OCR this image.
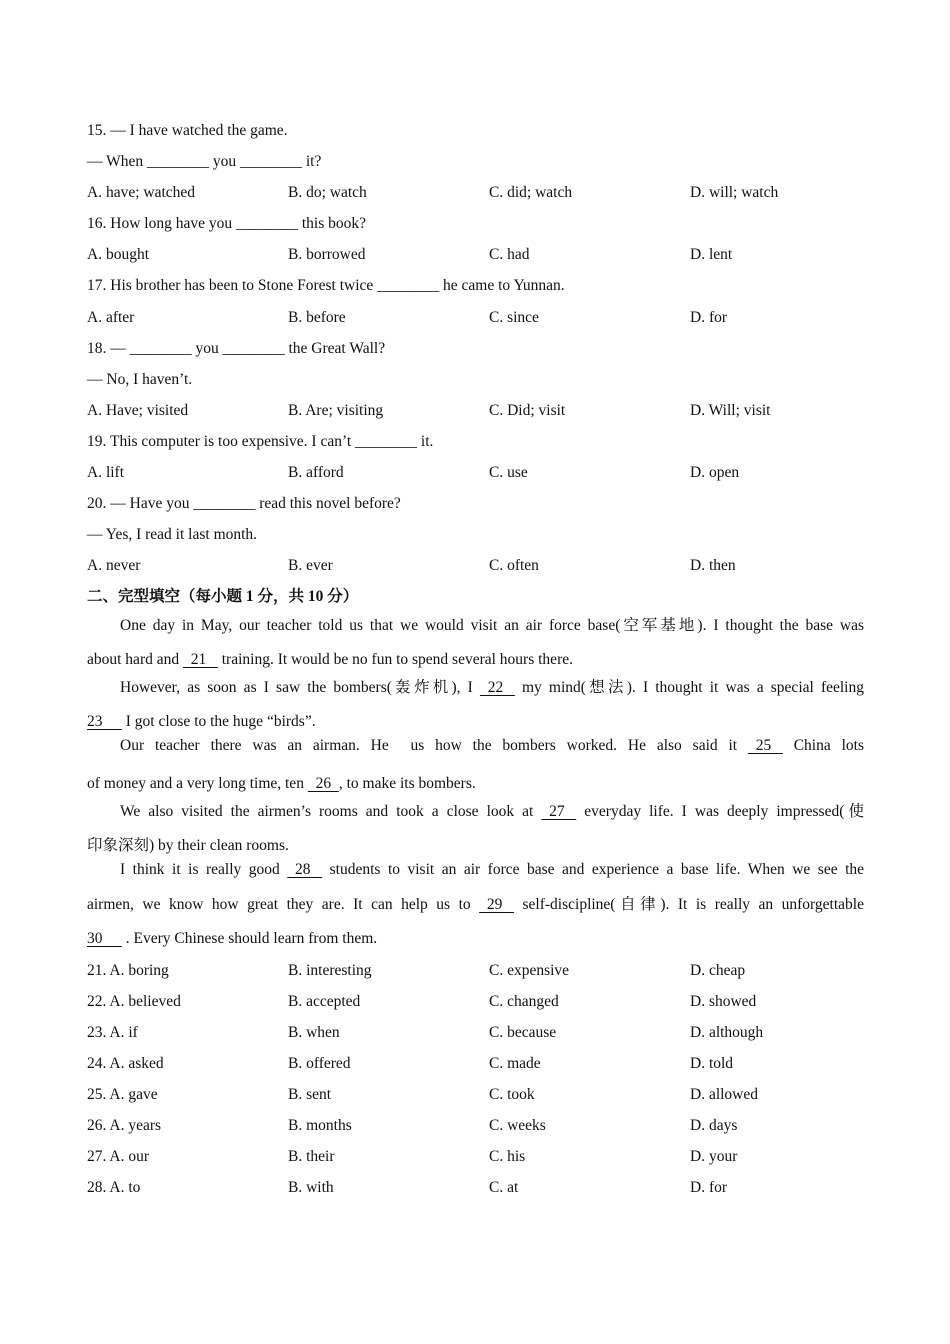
15. — I have watched the game.
— When ________ you ________ it?
A. have; watched	B. do; watch	C. did; watch	D. will; watch
16. How long have you ________ this book?
A. bought	B. borrowed	C. had	D. lent
17. His brother has been to Stone Forest twice ________ he came to Yunnan.
A. after	B. before	C. since	D. for
18. — ________ you ________ the Great Wall?
— No, I haven’t.
A. Have; visited	B. Are; visiting	C. Did; visit	D. Will; visit
19. This computer is too expensive. I can’t ________ it.
A. lift	B. afford	C. use	D. open
20. — Have you ________ read this novel before?
— Yes, I read it last month.
A. never	B. ever	C. often	D. then
二、完型填空（每小题 1 分，共 10 分）
One day in May, our teacher told us that we would visit an air force base(空军基地). I thought the base was
about hard and   21    training. It would be no fun to spend several hours there.
However, as soon as I saw the bombers(轰炸机), I   22    my mind(想法). I thought it was a special feeling
23      I got close to the huge “birds”.
Our teacher there was an airman. He  us how the bombers worked. He also said it   25    China lots
of money and a very long time, ten   26  , to make its bombers.
We also visited the airmen’s rooms and took a close look at   27    everyday life. I was deeply impressed(使
印象深刻) by their clean rooms.
I think it is really good   28    students to visit an air force base and experience a base life. When we see the
airmen, we know how great they are. It can help us to   29    self-discipline(自律). It is really an unforgettable
30      . Every Chinese should learn from them.
21. A. boring	B. interesting	C. expensive	D. cheap
22. A. believed	B. accepted	C. changed	D. showed
23. A. if	B. when	C. because	D. although
24. A. asked	B. offered	C. made	D. told
25. A. gave	B. sent	C. took	D. allowed
26. A. years	B. months	C. weeks	D. days
27. A. our	B. their	C. his	D. your
28. A. to	B. with	C. at	D. for
